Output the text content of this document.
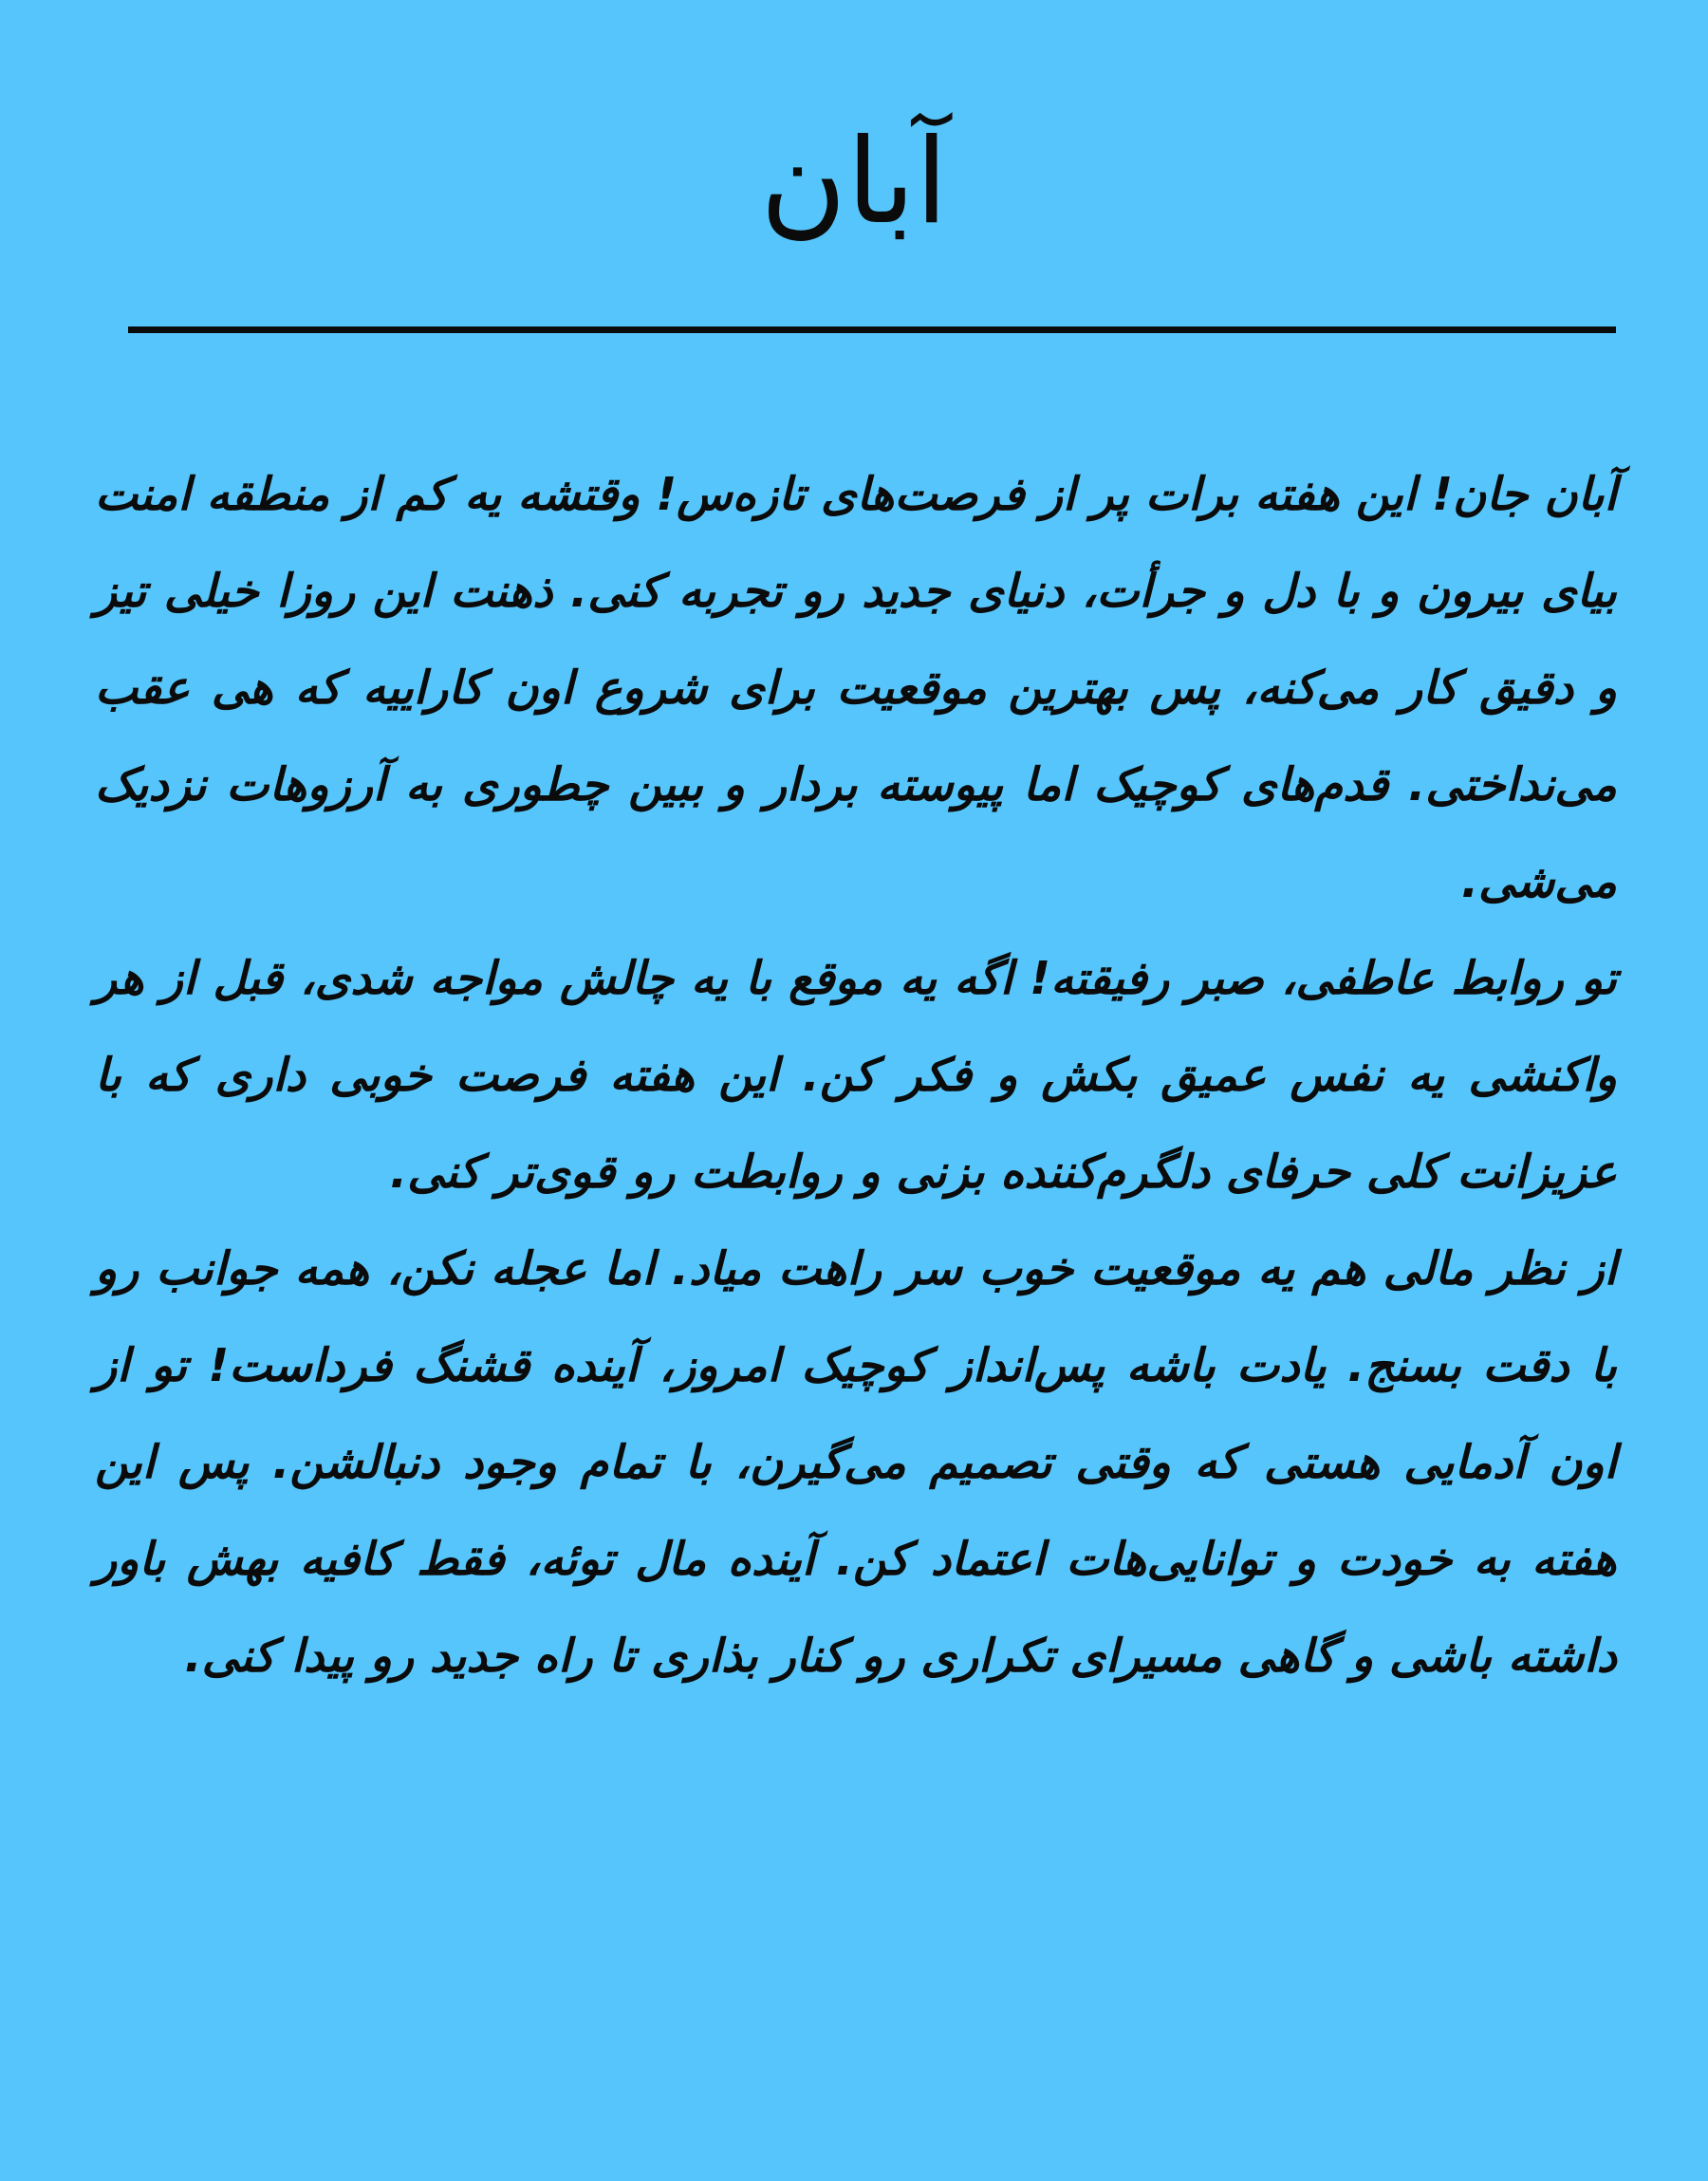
آبان

آبان جان! این هفته برات پر از فرصت‌های تازه‌س! وقتشه یه کم از منطقه امنت بیای بیرون و با دل و جرأت، دنیای جدید رو تجربه کنی. ذهنت این روزا خیلی تیز و دقیق کار می‌کنه، پس بهترین موقعیت برای شروع اون کاراییه که هی عقب می‌نداختی. قدم‌های کوچیک اما پیوسته بردار و ببین چطوری به آرزوهات نزدیک می‌شی.

تو روابط عاطفی، صبر رفیقته! اگه یه موقع با یه چالش مواجه شدی، قبل از هر واکنشی یه نفس عمیق بکش و فکر کن. این هفته فرصت خوبی داری که با عزیزانت کلی حرفای دلگرم‌کننده بزنی و روابطت رو قوی‌تر کنی.

از نظر مالی هم یه موقعیت خوب سر راهت میاد. اما عجله نکن، همه جوانب رو با دقت بسنج. یادت باشه پس‌انداز کوچیک امروز، آینده قشنگ فرداست! تو از اون آدمایی هستی که وقتی تصمیم می‌گیرن، با تمام وجود دنبالشن. پس این هفته به خودت و توانایی‌هات اعتماد کن. آینده مال توئه، فقط کافیه بهش باور داشته باشی و گاهی مسیرای تکراری رو کنار بذاری تا راه جدید رو پیدا کنی.
